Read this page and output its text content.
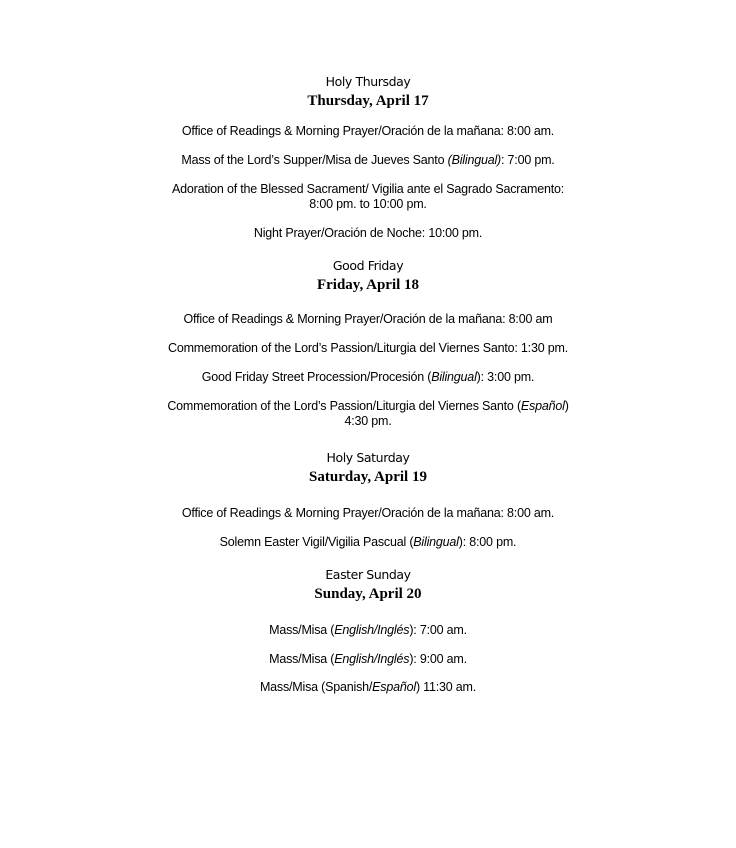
Holy Thursday
Thursday, April 17

Office of Readings & Morning Prayer/Oración de la mañana: 8:00 am.

Mass of the Lord’s Supper/Misa de Jueves Santo (Bilingual): 7:00 pm.

Adoration of the Blessed Sacrament/ Vigilia ante el Sagrado Sacramento:

8:00 pm. to 10:00 pm.

Night Prayer/Oración de Noche: 10:00 pm.

Good Friday
Friday, April 18

Office of Readings & Morning Prayer/Oración de la mañana: 8:00 am

Commemoration of the Lord’s Passion/Liturgia del Viernes Santo: 1:30 pm.

Good Friday Street Procession/Procesión (Bilingual): 3:00 pm.

Commemoration of the Lord’s Passion/Liturgia del Viernes Santo (Español)

4:30 pm.

Holy Saturday
Saturday, April 19

Office of Readings & Morning Prayer/Oración de la mañana: 8:00 am.

Solemn Easter Vigil/Vigilia Pascual (Bilingual): 8:00 pm.

Easter Sunday
Sunday, April 20

Mass/Misa (English/Inglés): 7:00 am.

Mass/Misa (English/Inglés): 9:00 am.

Mass/Misa (Spanish/Español) 11:30 am.
